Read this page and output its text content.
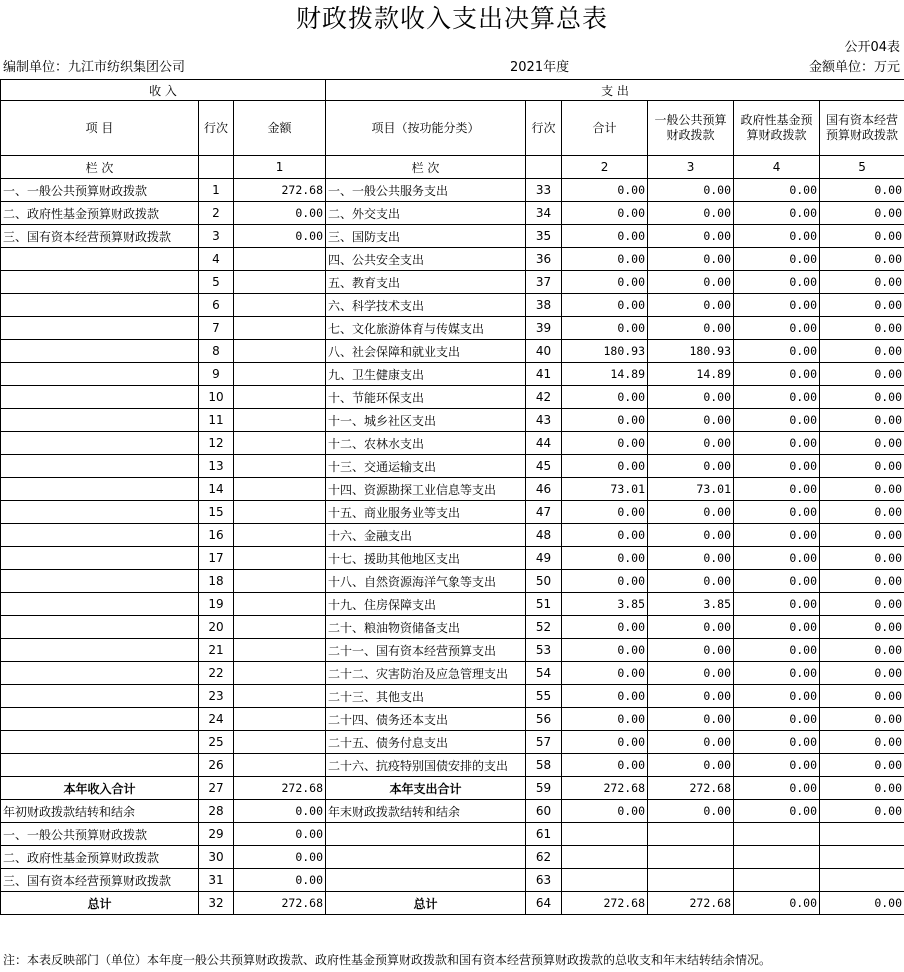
财政拨款收入支出决算总表
公开04表
编制单位：九江市纺织集团公司	2021年度	金额单位：万元
收 入			支 出					
项 目	行次	金额	项目（按功能分类）	行次	合计	一般公共预算财政拨款	政府性基金预算财政拨款	国有资本经营预算财政拨款
栏 次		1	栏 次		2	3	4	5
一、一般公共预算财政拨款	1	272.68	一、一般公共服务支出	33	0.00	0.00	0.00	0.00
二、政府性基金预算财政拨款	2	0.00	二、外交支出	34	0.00	0.00	0.00	0.00
三、国有资本经营预算财政拨款	3	0.00	三、国防支出	35	0.00	0.00	0.00	0.00
	4		四、公共安全支出	36	0.00	0.00	0.00	0.00
	5		五、教育支出	37	0.00	0.00	0.00	0.00
	6		六、科学技术支出	38	0.00	0.00	0.00	0.00
	7		七、文化旅游体育与传媒支出	39	0.00	0.00	0.00	0.00
	8		八、社会保障和就业支出	40	180.93	180.93	0.00	0.00
	9		九、卫生健康支出	41	14.89	14.89	0.00	0.00
	10		十、节能环保支出	42	0.00	0.00	0.00	0.00
	11		十一、城乡社区支出	43	0.00	0.00	0.00	0.00
	12		十二、农林水支出	44	0.00	0.00	0.00	0.00
	13		十三、交通运输支出	45	0.00	0.00	0.00	0.00
	14		十四、资源勘探工业信息等支出	46	73.01	73.01	0.00	0.00
	15		十五、商业服务业等支出	47	0.00	0.00	0.00	0.00
	16		十六、金融支出	48	0.00	0.00	0.00	0.00
	17		十七、援助其他地区支出	49	0.00	0.00	0.00	0.00
	18		十八、自然资源海洋气象等支出	50	0.00	0.00	0.00	0.00
	19		十九、住房保障支出	51	3.85	3.85	0.00	0.00
	20		二十、粮油物资储备支出	52	0.00	0.00	0.00	0.00
	21		二十一、国有资本经营预算支出	53	0.00	0.00	0.00	0.00
	22		二十二、灾害防治及应急管理支出	54	0.00	0.00	0.00	0.00
	23		二十三、其他支出	55	0.00	0.00	0.00	0.00
	24		二十四、债务还本支出	56	0.00	0.00	0.00	0.00
	25		二十五、债务付息支出	57	0.00	0.00	0.00	0.00
	26		二十六、抗疫特别国债安排的支出	58	0.00	0.00	0.00	0.00
本年收入合计	27	272.68	本年支出合计	59	272.68	272.68	0.00	0.00
年初财政拨款结转和结余	28	0.00	年末财政拨款结转和结余	60	0.00	0.00	0.00	0.00
一、一般公共预算财政拨款	29	0.00		61				
二、政府性基金预算财政拨款	30	0.00		62				
三、国有资本经营预算财政拨款	31	0.00		63				
总计	32	272.68	总计	64	272.68	272.68	0.00	0.00
注：本表反映部门（单位）本年度一般公共预算财政拨款、政府性基金预算财政拨款和国有资本经营预算财政拨款的总收支和年末结转结余情况。
